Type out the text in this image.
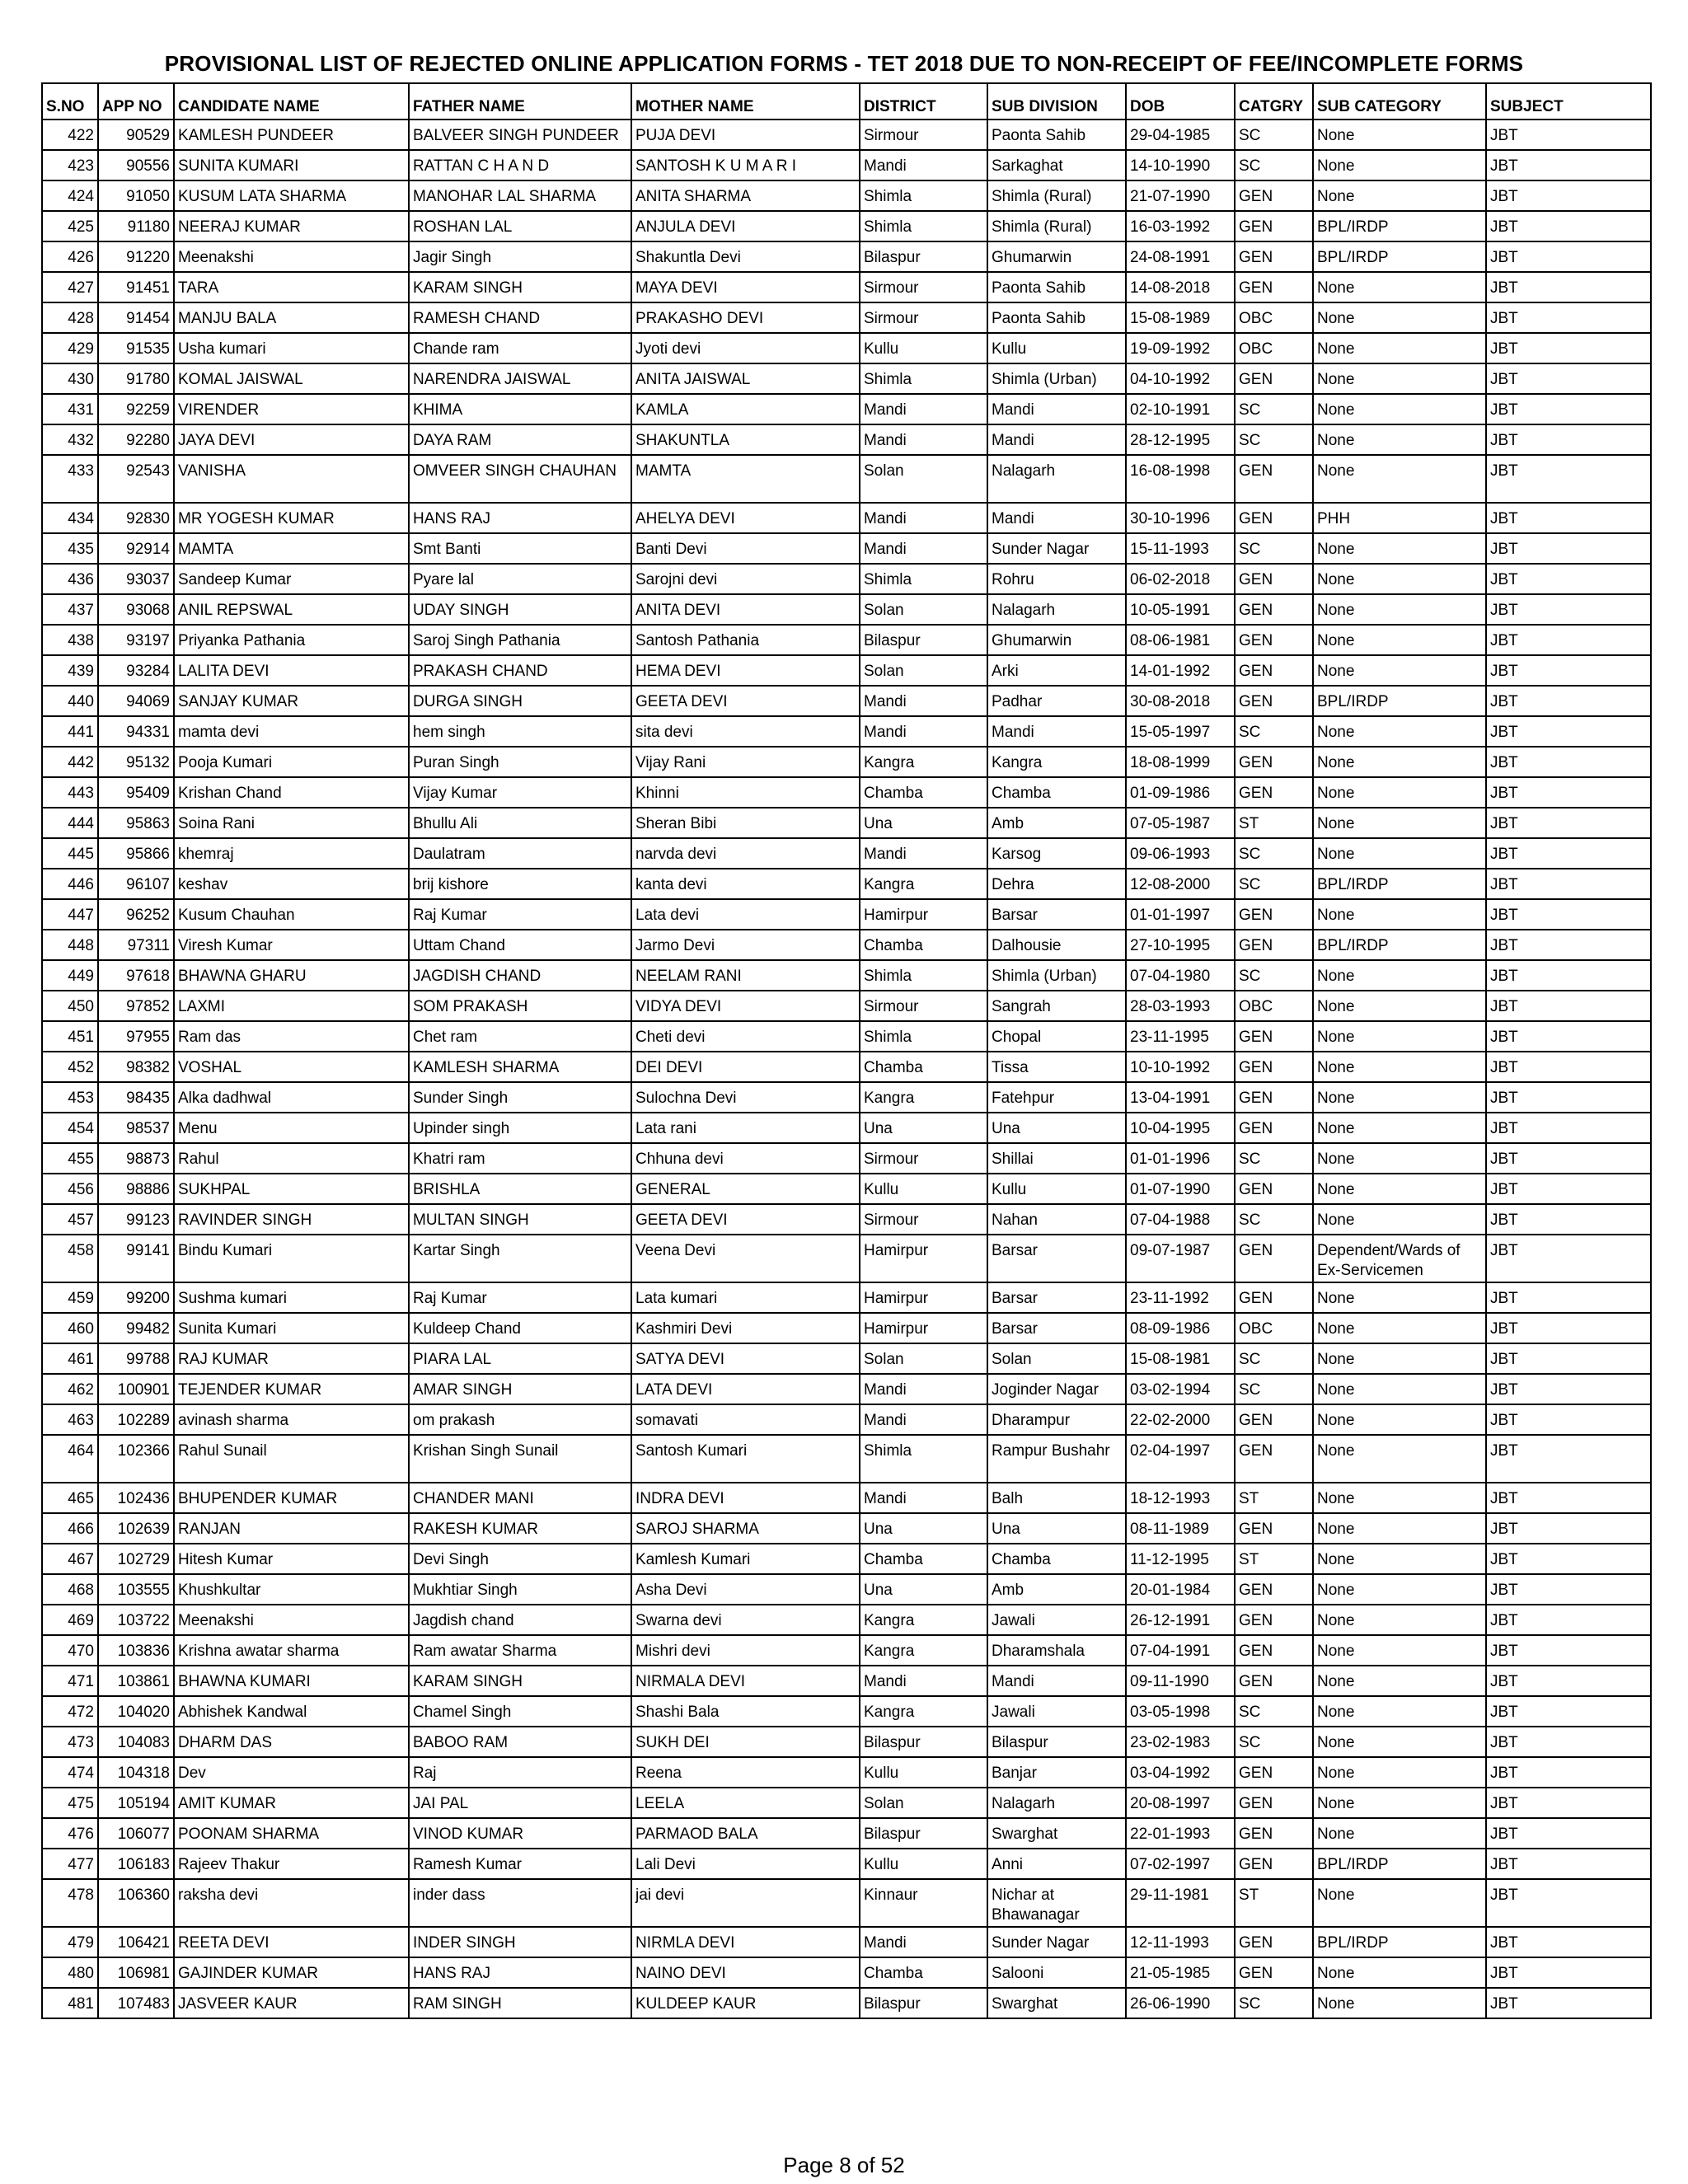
PROVISIONAL LIST OF REJECTED ONLINE APPLICATION FORMS - TET 2018 DUE TO NON-RECEIPT OF FEE/INCOMPLETE FORMS
S.NO	APP NO	CANDIDATE NAME	FATHER NAME	MOTHER NAME	DISTRICT	SUB DIVISION	DOB	CATGRY	SUB CATEGORY	SUBJECT
422	90529	KAMLESH PUNDEER	BALVEER SINGH PUNDEER	PUJA DEVI	Sirmour	Paonta Sahib	29-04-1985	SC	None	JBT
423	90556	SUNITA KUMARI	RATTAN C H A N D	SANTOSH K U M A R I	Mandi	Sarkaghat	14-10-1990	SC	None	JBT
424	91050	KUSUM LATA SHARMA	MANOHAR LAL SHARMA	ANITA SHARMA	Shimla	Shimla (Rural)	21-07-1990	GEN	None	JBT
425	91180	NEERAJ KUMAR	ROSHAN LAL	ANJULA DEVI	Shimla	Shimla (Rural)	16-03-1992	GEN	BPL/IRDP	JBT
426	91220	Meenakshi	Jagir Singh	Shakuntla Devi	Bilaspur	Ghumarwin	24-08-1991	GEN	BPL/IRDP	JBT
427	91451	TARA	KARAM SINGH	MAYA DEVI	Sirmour	Paonta Sahib	14-08-2018	GEN	None	JBT
428	91454	MANJU BALA	RAMESH CHAND	PRAKASHO DEVI	Sirmour	Paonta Sahib	15-08-1989	OBC	None	JBT
429	91535	Usha kumari	Chande ram	Jyoti devi	Kullu	Kullu	19-09-1992	OBC	None	JBT
430	91780	KOMAL JAISWAL	NARENDRA JAISWAL	ANITA JAISWAL	Shimla	Shimla (Urban)	04-10-1992	GEN	None	JBT
431	92259	VIRENDER	KHIMA	KAMLA	Mandi	Mandi	02-10-1991	SC	None	JBT
432	92280	JAYA DEVI	DAYA RAM	SHAKUNTLA	Mandi	Mandi	28-12-1995	SC	None	JBT
433	92543	VANISHA	OMVEER SINGH CHAUHAN	MAMTA	Solan	Nalagarh	16-08-1998	GEN	None	JBT
434	92830	MR YOGESH KUMAR	HANS RAJ	AHELYA DEVI	Mandi	Mandi	30-10-1996	GEN	PHH	JBT
435	92914	MAMTA	Smt Banti	Banti Devi	Mandi	Sunder Nagar	15-11-1993	SC	None	JBT
436	93037	Sandeep Kumar	Pyare lal	Sarojni devi	Shimla	Rohru	06-02-2018	GEN	None	JBT
437	93068	ANIL REPSWAL	UDAY SINGH	ANITA DEVI	Solan	Nalagarh	10-05-1991	GEN	None	JBT
438	93197	Priyanka Pathania	Saroj Singh Pathania	Santosh Pathania	Bilaspur	Ghumarwin	08-06-1981	GEN	None	JBT
439	93284	LALITA DEVI	PRAKASH CHAND	HEMA DEVI	Solan	Arki	14-01-1992	GEN	None	JBT
440	94069	SANJAY KUMAR	DURGA SINGH	GEETA DEVI	Mandi	Padhar	30-08-2018	GEN	BPL/IRDP	JBT
441	94331	mamta devi	hem singh	sita devi	Mandi	Mandi	15-05-1997	SC	None	JBT
442	95132	Pooja Kumari	Puran Singh	Vijay Rani	Kangra	Kangra	18-08-1999	GEN	None	JBT
443	95409	Krishan Chand	Vijay Kumar	Khinni	Chamba	Chamba	01-09-1986	GEN	None	JBT
444	95863	Soina Rani	Bhullu Ali	Sheran Bibi	Una	Amb	07-05-1987	ST	None	JBT
445	95866	khemraj	Daulatram	narvda devi	Mandi	Karsog	09-06-1993	SC	None	JBT
446	96107	keshav	brij kishore	kanta devi	Kangra	Dehra	12-08-2000	SC	BPL/IRDP	JBT
447	96252	Kusum Chauhan	Raj Kumar	Lata devi	Hamirpur	Barsar	01-01-1997	GEN	None	JBT
448	97311	Viresh Kumar	Uttam Chand	Jarmo Devi	Chamba	Dalhousie	27-10-1995	GEN	BPL/IRDP	JBT
449	97618	BHAWNA GHARU	JAGDISH CHAND	NEELAM RANI	Shimla	Shimla (Urban)	07-04-1980	SC	None	JBT
450	97852	LAXMI	SOM PRAKASH	VIDYA DEVI	Sirmour	Sangrah	28-03-1993	OBC	None	JBT
451	97955	Ram das	Chet ram	Cheti devi	Shimla	Chopal	23-11-1995	GEN	None	JBT
452	98382	VOSHAL	KAMLESH SHARMA	DEI DEVI	Chamba	Tissa	10-10-1992	GEN	None	JBT
453	98435	Alka dadhwal	Sunder Singh	Sulochna Devi	Kangra	Fatehpur	13-04-1991	GEN	None	JBT
454	98537	Menu	Upinder singh	Lata rani	Una	Una	10-04-1995	GEN	None	JBT
455	98873	Rahul	Khatri ram	Chhuna devi	Sirmour	Shillai	01-01-1996	SC	None	JBT
456	98886	SUKHPAL	BRISHLA	GENERAL	Kullu	Kullu	01-07-1990	GEN	None	JBT
457	99123	RAVINDER SINGH	MULTAN SINGH	GEETA DEVI	Sirmour	Nahan	07-04-1988	SC	None	JBT
458	99141	Bindu Kumari	Kartar Singh	Veena Devi	Hamirpur	Barsar	09-07-1987	GEN	Dependent/Wards of Ex-Servicemen	JBT
459	99200	Sushma kumari	Raj Kumar	Lata kumari	Hamirpur	Barsar	23-11-1992	GEN	None	JBT
460	99482	Sunita Kumari	Kuldeep Chand	Kashmiri Devi	Hamirpur	Barsar	08-09-1986	OBC	None	JBT
461	99788	RAJ KUMAR	PIARA LAL	SATYA DEVI	Solan	Solan	15-08-1981	SC	None	JBT
462	100901	TEJENDER KUMAR	AMAR SINGH	LATA DEVI	Mandi	Joginder Nagar	03-02-1994	SC	None	JBT
463	102289	avinash sharma	om prakash	somavati	Mandi	Dharampur	22-02-2000	GEN	None	JBT
464	102366	Rahul Sunail	Krishan Singh Sunail	Santosh Kumari	Shimla	Rampur Bushahr	02-04-1997	GEN	None	JBT
465	102436	BHUPENDER KUMAR	CHANDER MANI	INDRA DEVI	Mandi	Balh	18-12-1993	ST	None	JBT
466	102639	RANJAN	RAKESH KUMAR	SAROJ SHARMA	Una	Una	08-11-1989	GEN	None	JBT
467	102729	Hitesh Kumar	Devi Singh	Kamlesh Kumari	Chamba	Chamba	11-12-1995	ST	None	JBT
468	103555	Khushkultar	Mukhtiar Singh	Asha Devi	Una	Amb	20-01-1984	GEN	None	JBT
469	103722	Meenakshi	Jagdish chand	Swarna devi	Kangra	Jawali	26-12-1991	GEN	None	JBT
470	103836	Krishna awatar sharma	Ram awatar Sharma	Mishri devi	Kangra	Dharamshala	07-04-1991	GEN	None	JBT
471	103861	BHAWNA KUMARI	KARAM SINGH	NIRMALA DEVI	Mandi	Mandi	09-11-1990	GEN	None	JBT
472	104020	Abhishek Kandwal	Chamel Singh	Shashi Bala	Kangra	Jawali	03-05-1998	SC	None	JBT
473	104083	DHARM DAS	BABOO RAM	SUKH DEI	Bilaspur	Bilaspur	23-02-1983	SC	None	JBT
474	104318	Dev	Raj	Reena	Kullu	Banjar	03-04-1992	GEN	None	JBT
475	105194	AMIT KUMAR	JAI PAL	LEELA	Solan	Nalagarh	20-08-1997	GEN	None	JBT
476	106077	POONAM SHARMA	VINOD KUMAR	PARMAOD BALA	Bilaspur	Swarghat	22-01-1993	GEN	None	JBT
477	106183	Rajeev Thakur	Ramesh Kumar	Lali Devi	Kullu	Anni	07-02-1997	GEN	BPL/IRDP	JBT
478	106360	raksha devi	inder dass	jai devi	Kinnaur	Nichar at Bhawanagar	29-11-1981	ST	None	JBT
479	106421	REETA DEVI	INDER SINGH	NIRMLA DEVI	Mandi	Sunder Nagar	12-11-1993	GEN	BPL/IRDP	JBT
480	106981	GAJINDER KUMAR	HANS RAJ	NAINO DEVI	Chamba	Salooni	21-05-1985	GEN	None	JBT
481	107483	JASVEER KAUR	RAM SINGH	KULDEEP KAUR	Bilaspur	Swarghat	26-06-1990	SC	None	JBT
Page 8 of 52
